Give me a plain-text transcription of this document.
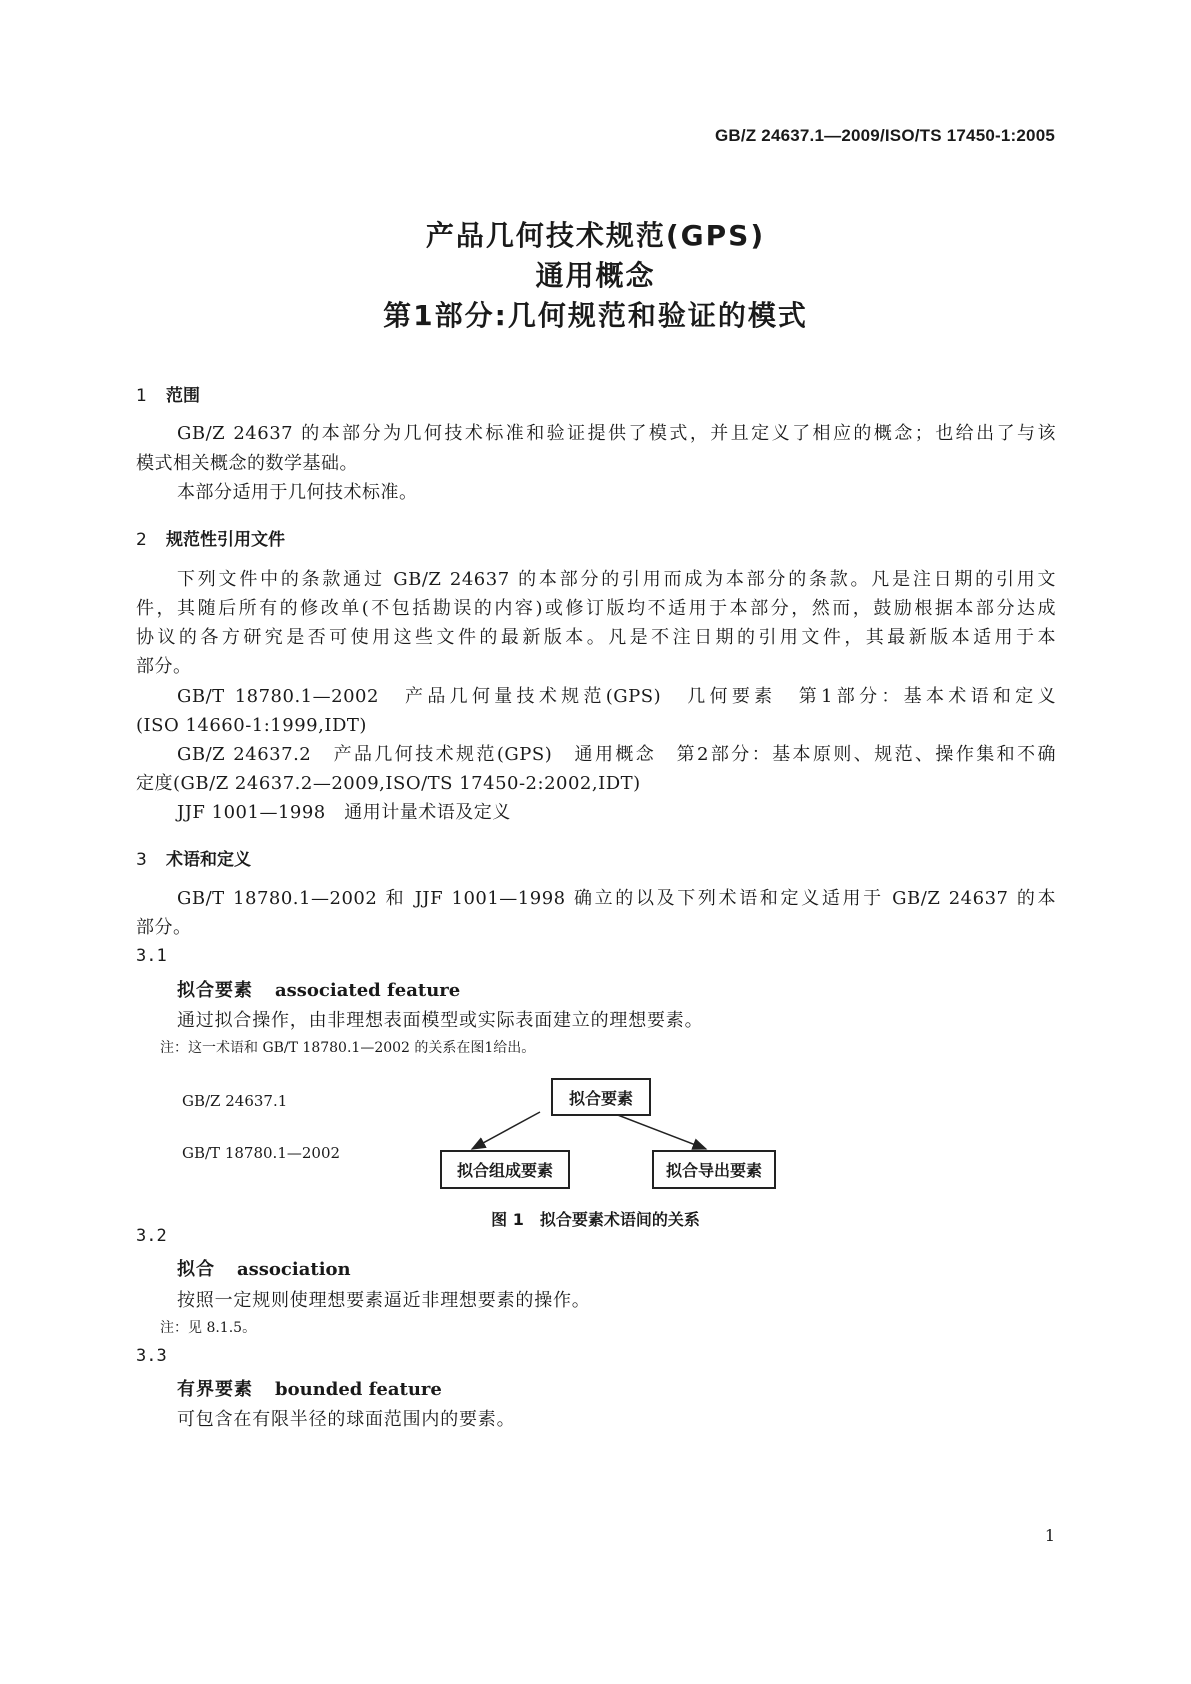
GB/Z 24637.1—2009/ISO/TS 17450-1:2005
产品几何技术规范(GPS)
通用概念
第1部分:几何规范和验证的模式
1 范围
GB/Z 24637 的本部分为几何技术标准和验证提供了模式，并且定义了相应的概念；也给出了与该
模式相关概念的数学基础。
本部分适用于几何技术标准。
2 规范性引用文件
下列文件中的条款通过 GB/Z 24637 的本部分的引用而成为本部分的条款。凡是注日期的引用文
件，其随后所有的修改单(不包括勘误的内容)或修订版均不适用于本部分，然而，鼓励根据本部分达成
协议的各方研究是否可使用这些文件的最新版本。凡是不注日期的引用文件，其最新版本适用于本
部分。
GB/T 18780.1—2002　产品几何量技术规范(GPS)　几何要素　第1部分：基本术语和定义
(ISO 14660-1:1999,IDT)
GB/Z 24637.2　产品几何技术规范(GPS)　通用概念　第2部分：基本原则、规范、操作集和不确
定度(GB/Z 24637.2—2009,ISO/TS 17450-2:2002,IDT)
JJF 1001—1998　通用计量术语及定义
3 术语和定义
GB/T 18780.1—2002 和 JJF 1001—1998 确立的以及下列术语和定义适用于 GB/Z 24637 的本
部分。
3.1
拟合要素 associated feature
通过拟合操作，由非理想表面模型或实际表面建立的理想要素。
注：这一术语和 GB/T 18780.1—2002 的关系在图1给出。
GB/Z 24637.1
GB/T 18780.1—2002
拟合要素
拟合组成要素	拟合导出要素
图 1　拟合要素术语间的关系
3.2
拟合 association
按照一定规则使理想要素逼近非理想要素的操作。
注：见 8.1.5。
3.3
有界要素 bounded feature
可包含在有限半径的球面范围内的要素。
1
